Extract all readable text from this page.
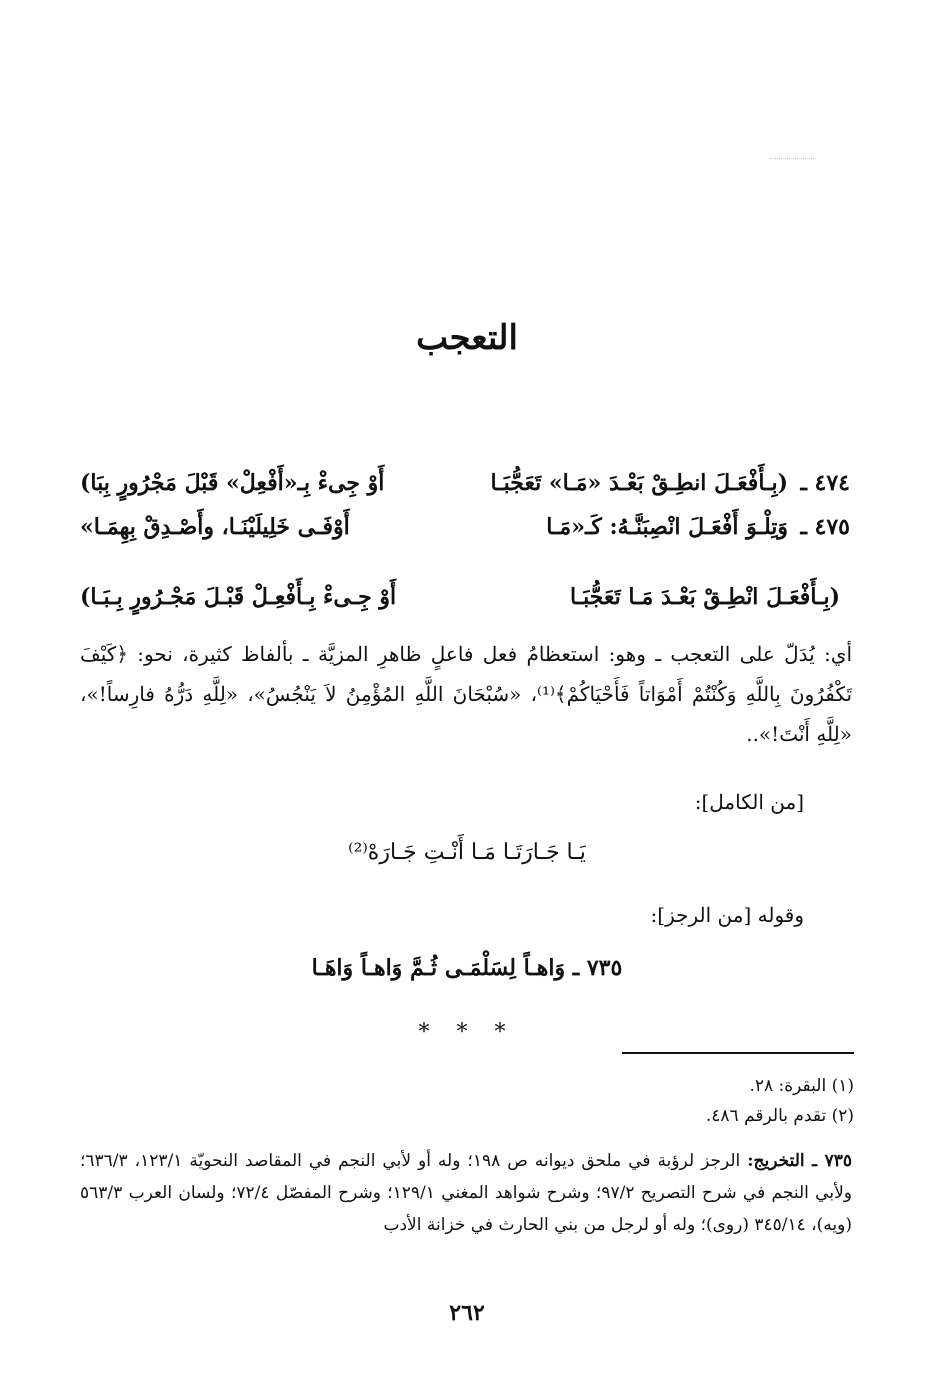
التعجب
٤٧٤ ـ
(بِـأَفْعَـلَ انطِـقْ بَعْـدَ «مَـا» تَعَجُّبَـا
أَوْ جِىءْ بِـ«أَفْعِلْ» قَبْلَ مَجْرُورٍ بِبَا)
٤٧٥ ـ
وَتِلْـوَ أَفْعَـلَ انْصِبَنَّـهُ: كَـ«مَـا
أَوْفَـى خَلِيلَيْنَـا، وأَصْـدِقْ بِهِمَـا»
(بِـأَفْعَـلَ انْطِـقْ بَعْـدَ مَـا تَعَجُّبَـا
أَوْ جِـىءْ بِـأَفْعِـلْ قَبْـلَ مَجْـرُورٍ بِـبَـا)
أي: يُدَلّ على التعجب ـ وهو: استعظامُ فعل فاعلٍ ظاهرِ المزيَّة ـ بألفاظ كثيرة، نحو: ﴿كَيْفَ تَكْفُرُونَ بِاللَّهِ وَكُنْتُمْ أَمْوَاتاً فَأَحْيَاكُمْ﴾⁽¹⁾، «سُبْحَانَ اللَّهِ المُؤْمِنُ لاَ يَنْجُسُ»، «لِلَّهِ دَرُّهُ فارِساً!»، «لِلَّهِ أَنْتَ!»..
[من الكامل]:
يَـا جَـارَتَـا مَـا أَنْـتِ جَـارَهْ⁽²⁾
وقوله [من الرجز]:
٧٣٥ ـ وَاهـاً لِسَلْمَـى ثُـمَّ وَاهـاً وَاهَـا
* * *
(١) البقرة: ٢٨.
(٢) تقدم بالرقم ٤٨٦.
٧٣٥ ـ التخريج: الرجز لرؤبة في ملحق ديوانه ص ١٩٨؛ وله أو لأبي النجم في المقاصد النحويّة ١٢٣/١، ٦٣٦/٣؛ ولأبي النجم في شرح التصريح ٩٧/٢؛ وشرح شواهد المغني ١٢٩/١؛ وشرح المفصّل ٧٢/٤؛ ولسان العرب ٥٦٣/٣ (ويه)، ٣٤٥/١٤ (روى)؛ وله أو لرجل من بني الحارث في خزانة الأدب
٢٦٢
